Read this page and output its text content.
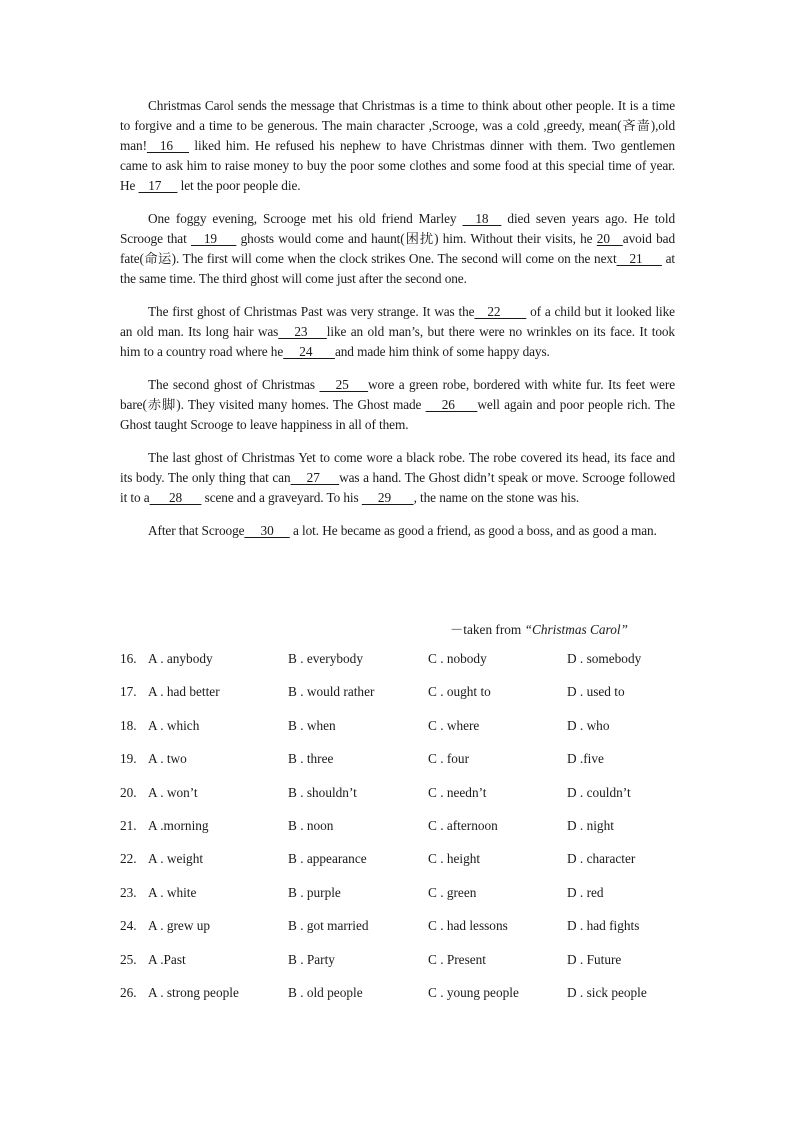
Christmas Carol sends the message that Christmas is a time to think about other people. It is a time to forgive and a time to be generous. The main character ,Scrooge, was a cold ,greedy, mean(吝啬),old man!    16      liked him. He refused his nephew to have Christmas dinner with them. Two gentlemen came to ask him to raise money to buy the poor some clothes and some food at this special time of year. He    17      let the poor people die.

One foggy evening, Scrooge met his old friend Marley     18     died seven years ago. He told Scrooge that     19       ghosts would come and haunt(困扰) him. Without their visits, he 20    avoid bad fate(命运). The first will come when the clock strikes One. The second will come on the next    21       at the same time. The third ghost will come just after the second one.

The first ghost of Christmas Past was very strange. It was the    22         of a child but it looked like an old man. Its long hair was     23      like an old man’s, but there were no wrinkles on its face. It took him to a country road where he     24       and made him think of some happy days.

The second ghost of Christmas      25      wore a green robe, bordered with white fur. Its feet were bare(赤脚). They visited many homes. The Ghost made      26       well again and poor people rich. The Ghost taught Scrooge to leave happiness in all of them.

The last ghost of Christmas Yet to come wore a black robe. The robe covered its head, its face and its body. The only thing that can     27      was a hand. The Ghost didn’t speak or move. Scrooge followed it to a      28       scene and a graveyard. To his      29       , the name on the stone was his.

After that Scrooge     30      a lot. He became as good a friend, as good a boss, and as good a man.

－taken from “Christmas Carol”
16. A . anybody	B . everybody	C . nobody	D . somebody
17. A . had better	B . would rather	C . ought to	D . used to
18. A . which	B . when	C . where	D . who
19. A . two	B . three	C . four	D .five
20. A . won’t	B . shouldn’t	C . needn’t	D . couldn’t
21. A .morning	B . noon	C . afternoon	D . night
22. A . weight	B . appearance	C . height	D . character
23. A . white	B . purple	C . green	D . red
24. A . grew up	B . got married	C . had lessons	D . had fights
25. A .Past	B . Party	C . Present	D . Future
26. A . strong people	B . old people	C . young people	D . sick people
